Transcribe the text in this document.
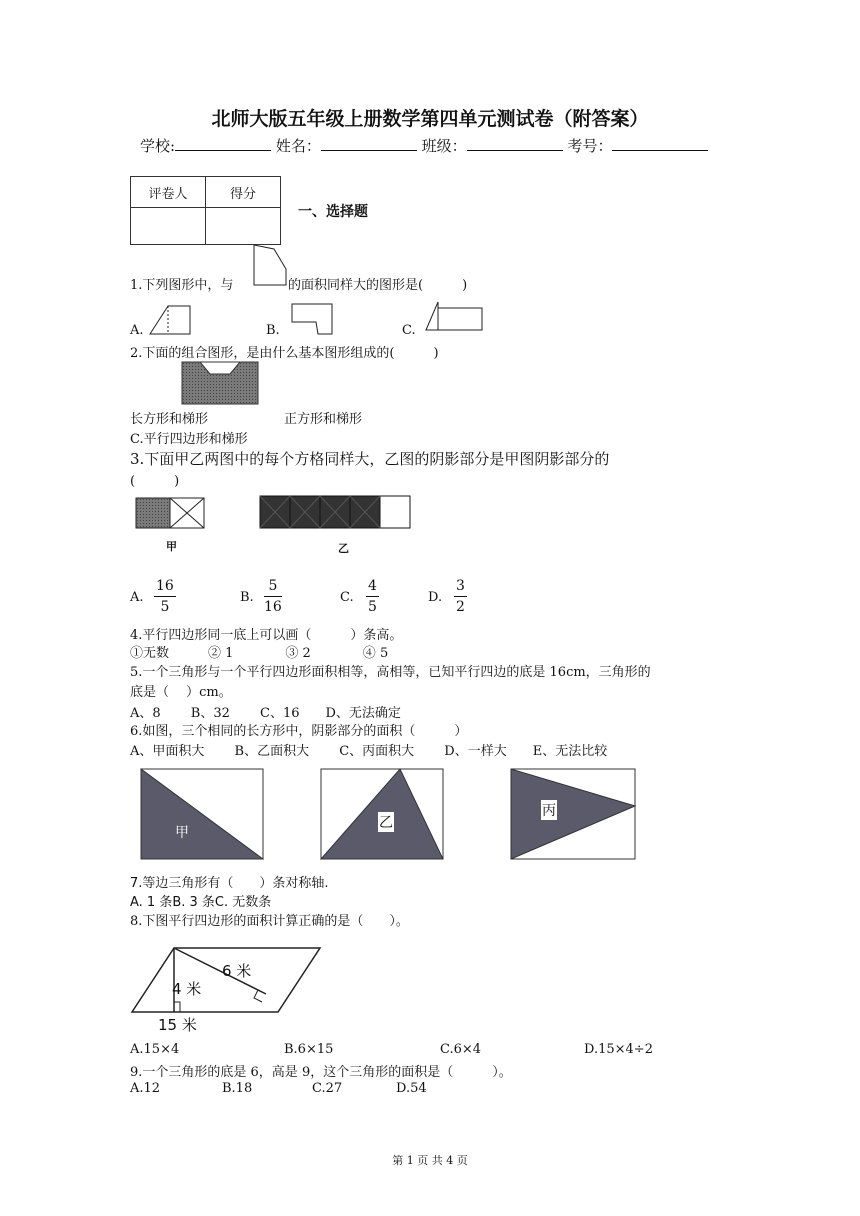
北师大版五年级上册数学第四单元测试卷（附答案）
学校:	姓名：	班级：	考号：
评卷人	得分

一、选择题
1.下列图形中，与	的面积同样大的图形是(　　　)
A.	B.	C.
2.下面的组合图形，是由什么基本图形组成的(　　　)
长方形和梯形	正方形和梯形
C.平行四边形和梯形
3.下面甲乙两图中的每个方格同样大，乙图的阴影部分是甲图阴影部分的
(　　　)
甲	乙
A. $\frac{16}{5}$	B. $\frac{5}{16}$	C. $\frac{4}{5}$	D. $\frac{3}{2}$
4.平行四边形同一底上可以画（　　　）条高。
①无数　　　② 1　　　　③ 2　　　　④ 5
5.一个三角形与一个平行四边形面积相等，高相等，已知平行四边的底是 16cm，三角形的
底是（　 ）cm。
A、8　　 B、32　　 C、16　　D、无法确定
6.如图，三个相同的长方形中，阴影部分的面积（　　　）
A、甲面积大　　 B、乙面积大　　 C、丙面积大　　 D、一样大　　E、无法比较
甲
乙
丙
7.等边三角形有（　　）条对称轴.
A. 1 条B. 3 条C. 无数条
8.下图平行四边形的面积计算正确的是（　　）。
6 米
4 米
15 米
A.15×4	B.6×15	C.6×4	D.15×4÷2
9.一个三角形的底是 6，高是 9，这个三角形的面积是（　　　）。
A.12	B.18	C.27	D.54
第 1 页 共 4 页
